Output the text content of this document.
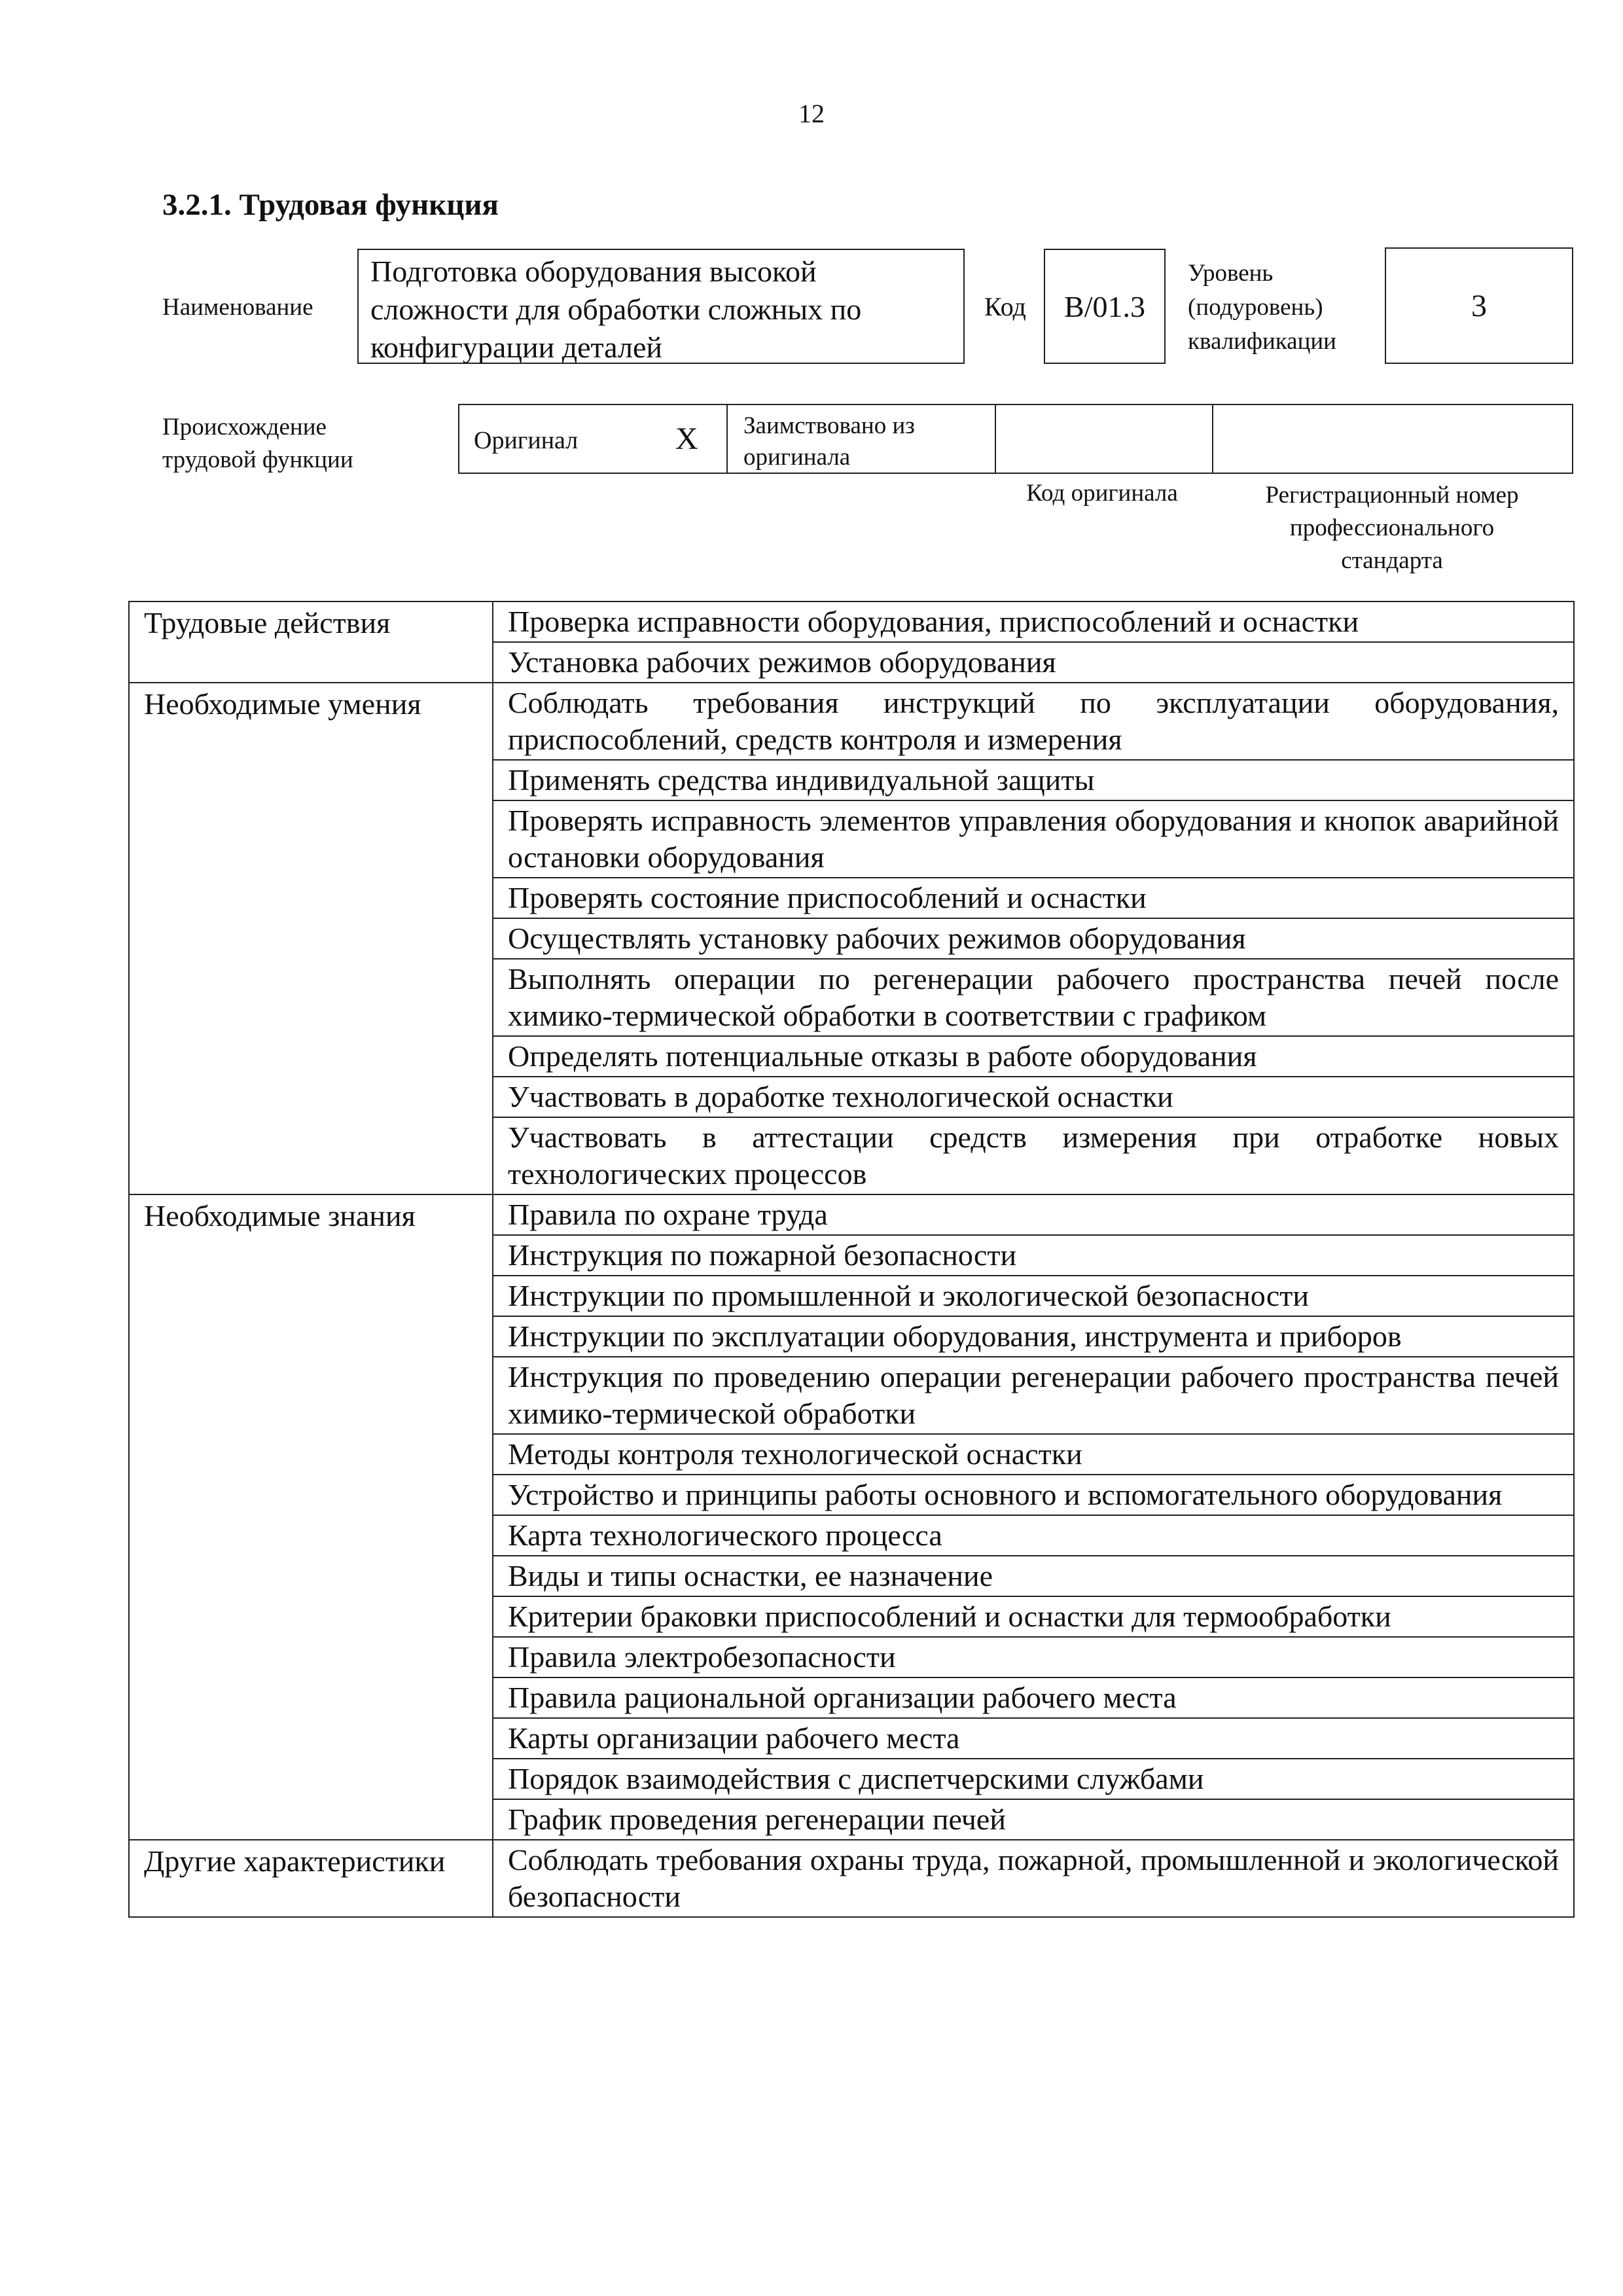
12
3.2.1. Трудовая функция
Наименование
Подготовка оборудования высокой сложности для обработки сложных по конфигурации деталей
Код B/01.3
Уровень
(подуровень)
квалификации
3
Происхождение
трудовой функции
Оригинал	X Заимствовано из
оригинала
Код оригинала	Регистрационный номер
профессионального
стандарта
Трудовые действия	Проверка исправности оборудования, приспособлений и оснастки
	Установка рабочих режимов оборудования
Необходимые умения	Соблюдать требования инструкций по эксплуатации оборудования, приспособлений, средств контроля и измерения
	Применять средства индивидуальной защиты
	Проверять исправность элементов управления оборудования и кнопок аварийной остановки оборудования
	Проверять состояние приспособлений и оснастки
	Осуществлять установку рабочих режимов оборудования
	Выполнять операции по регенерации рабочего пространства печей после химико-термической обработки в соответствии с графиком
	Определять потенциальные отказы в работе оборудования
	Участвовать в доработке технологической оснастки
	Участвовать в аттестации средств измерения при отработке новых технологических процессов
Необходимые знания	Правила по охране труда
	Инструкция по пожарной безопасности
	Инструкции по промышленной и экологической безопасности
	Инструкции по эксплуатации оборудования, инструмента и приборов
	Инструкция по проведению операции регенерации рабочего пространства печей химико-термической обработки
	Методы контроля технологической оснастки
	Устройство и принципы работы основного и вспомогательного оборудования
	Карта технологического процесса
	Виды и типы оснастки, ее назначение
	Критерии браковки приспособлений и оснастки для термообработки
	Правила электробезопасности
	Правила рациональной организации рабочего места
	Карты организации рабочего места
	Порядок взаимодействия с диспетчерскими службами
	График проведения регенерации печей
Другие характеристики	Соблюдать требования охраны труда, пожарной, промышленной и экологической безопасности
